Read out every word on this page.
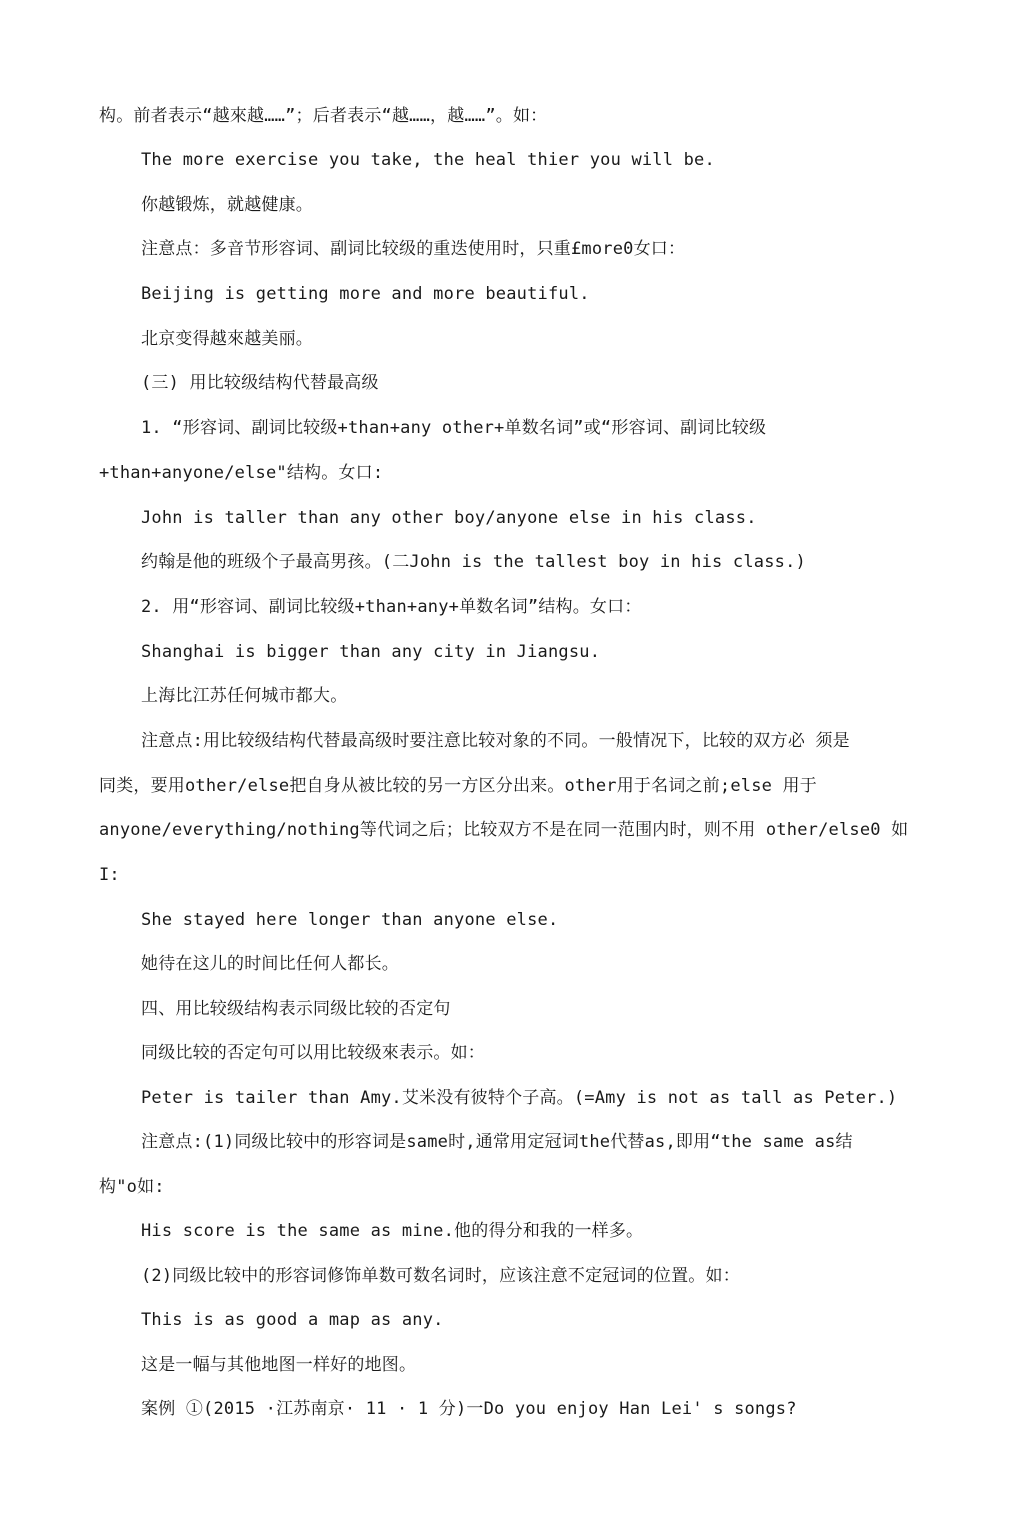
构。前者表示“越來越……”；后者表示“越……，越……”。如：
The more exercise you take, the heal thier you will be.
你越锻炼，就越健康。
注意点：多音节形容词、副词比较级的重迭使用时，只重£more0女口：
Beijing is getting more and more beautiful.
北京变得越來越美丽。
(三) 用比较级结构代替最高级
1. “形容词、副词比较级+than+any other+单数名词”或“形容词、副词比较级
+than+anyone/else"结构。女口:
John is taller than any other boy/anyone else in his class.
约翰是他的班级个子最高男孩。(二John is the tallest boy in his class.)
2. 用“形容词、副词比较级+than+any+单数名词”结构。女口：
Shanghai is bigger than any city in Jiangsu.
上海比江苏任何城市都大。
注意点:用比较级结构代替最高级时要注意比较对象的不同。一般情况下，比较的双方必 须是
同类，要用other/else把自身从被比较的另一方区分出来。other用于名词之前;else 用于
anyone/everything/nothing等代词之后；比较双方不是在同一范围内时，则不用 other/else0 如
I:
She stayed here longer than anyone else.
她待在这儿的时间比任何人都长。
四、用比较级结构表示同级比较的否定句
同级比较的否定句可以用比较级來表示。如：
Peter is tailer than Amy.艾米没有彼特个子高。(=Amy is not as tall as Peter.)
注意点:(1)同级比较中的形容词是same时,通常用定冠词the代替as,即用“the same as结
构"o如:
His score is the same as mine.他的得分和我的一样多。
(2)同级比较中的形容词修饰单数可数名词时，应该注意不定冠词的位置。如：
This is as good a map as any.
这是一幅与其他地图一样好的地图。
案例 ①(2015 ·江苏南京· 11 · 1 分)一Do you enjoy Han Lei' s songs?
